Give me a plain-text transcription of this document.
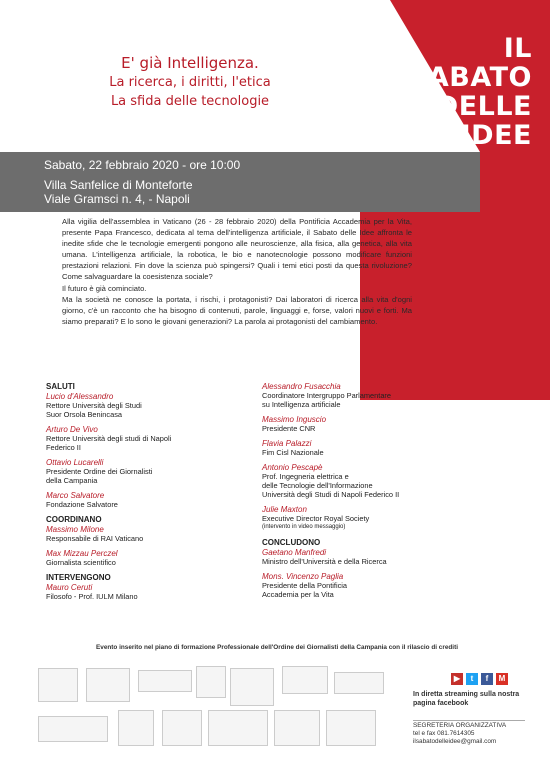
IL
SABATO
DELLE
IDEE
E' già Intelligenza.
La ricerca, i diritti, l'etica
La sfida delle tecnologie
Sabato, 22 febbraio 2020 - ore 10:00
Villa Sanfelice di Monteforte
Viale Gramsci n. 4, - Napoli

Alla vigilia dell'assemblea in Vaticano (26 - 28 febbraio 2020) della Pontificia Accademia per la Vita, presente Papa Francesco, dedicata al tema dell'intelligenza artificiale, il Sabato delle Idee affronta le inedite sfide che le tecnologie emergenti pongono alle neuroscienze, alla fisica, alla genetica, alla vita umana. L'intelligenza artificiale, la robotica, le bio e nanotecnologie possono modificare funzioni prestazioni relazioni. Fin dove la scienza può spingersi? Quali i temi etici posti da questa rivoluzione? Come salvaguardare la coesistenza sociale?

Il futuro è già cominciato.

Ma la società ne conosce la portata, i rischi, i protagonisti? Dai laboratori di ricerca alla vita d'ogni giorno, c'è un racconto che ha bisogno di contenuti, parole, linguaggi e, forse, valori nuovi e forti. Ma siamo preparati? E lo sono le giovani generazioni? La parola ai protagonisti del cambiamento.

SALUTI
Lucio d'Alessandro
Rettore Università degli Studi
Suor Orsola Benincasa
Arturo De Vivo
Rettore Università degli studi di Napoli
Federico II
Ottavio Lucarelli
Presidente Ordine dei Giornalisti
della Campania
Marco Salvatore
Fondazione Salvatore
COORDINANO
Massimo Milone
Responsabile di RAI Vaticano
Max Mizzau Perczel
Giornalista scientifico
INTERVENGONO
Mauro Ceruti
Filosofo - Prof. IULM Milano
Alessandro Fusacchia
Coordinatore Intergruppo Parlamentare
su Intelligenza artificiale
Massimo Inguscio
Presidente CNR
Flavia Palazzi
Fim Cisl Nazionale
Antonio Pescapè
Prof. Ingegneria elettrica e
delle Tecnologie dell'Informazione
Università degli Studi di Napoli Federico II
Julie Maxton
Executive Director Royal Society
(intervento in video messaggio)
CONCLUDONO
Gaetano Manfredi
Ministro dell'Università e della Ricerca
Mons. Vincenzo Paglia
Presidente della Pontificia
Accademia per la Vita
Evento inserito nel piano di formazione Professionale dell'Ordine dei Giornalisti della Campania con il rilascio di crediti
▶	t	f	M
In diretta streaming sulla nostra pagina facebook
SEGRETERIA ORGANIZZATIVA
tel e fax 081.7614305
ilsabatodelleidee@gmail.com
